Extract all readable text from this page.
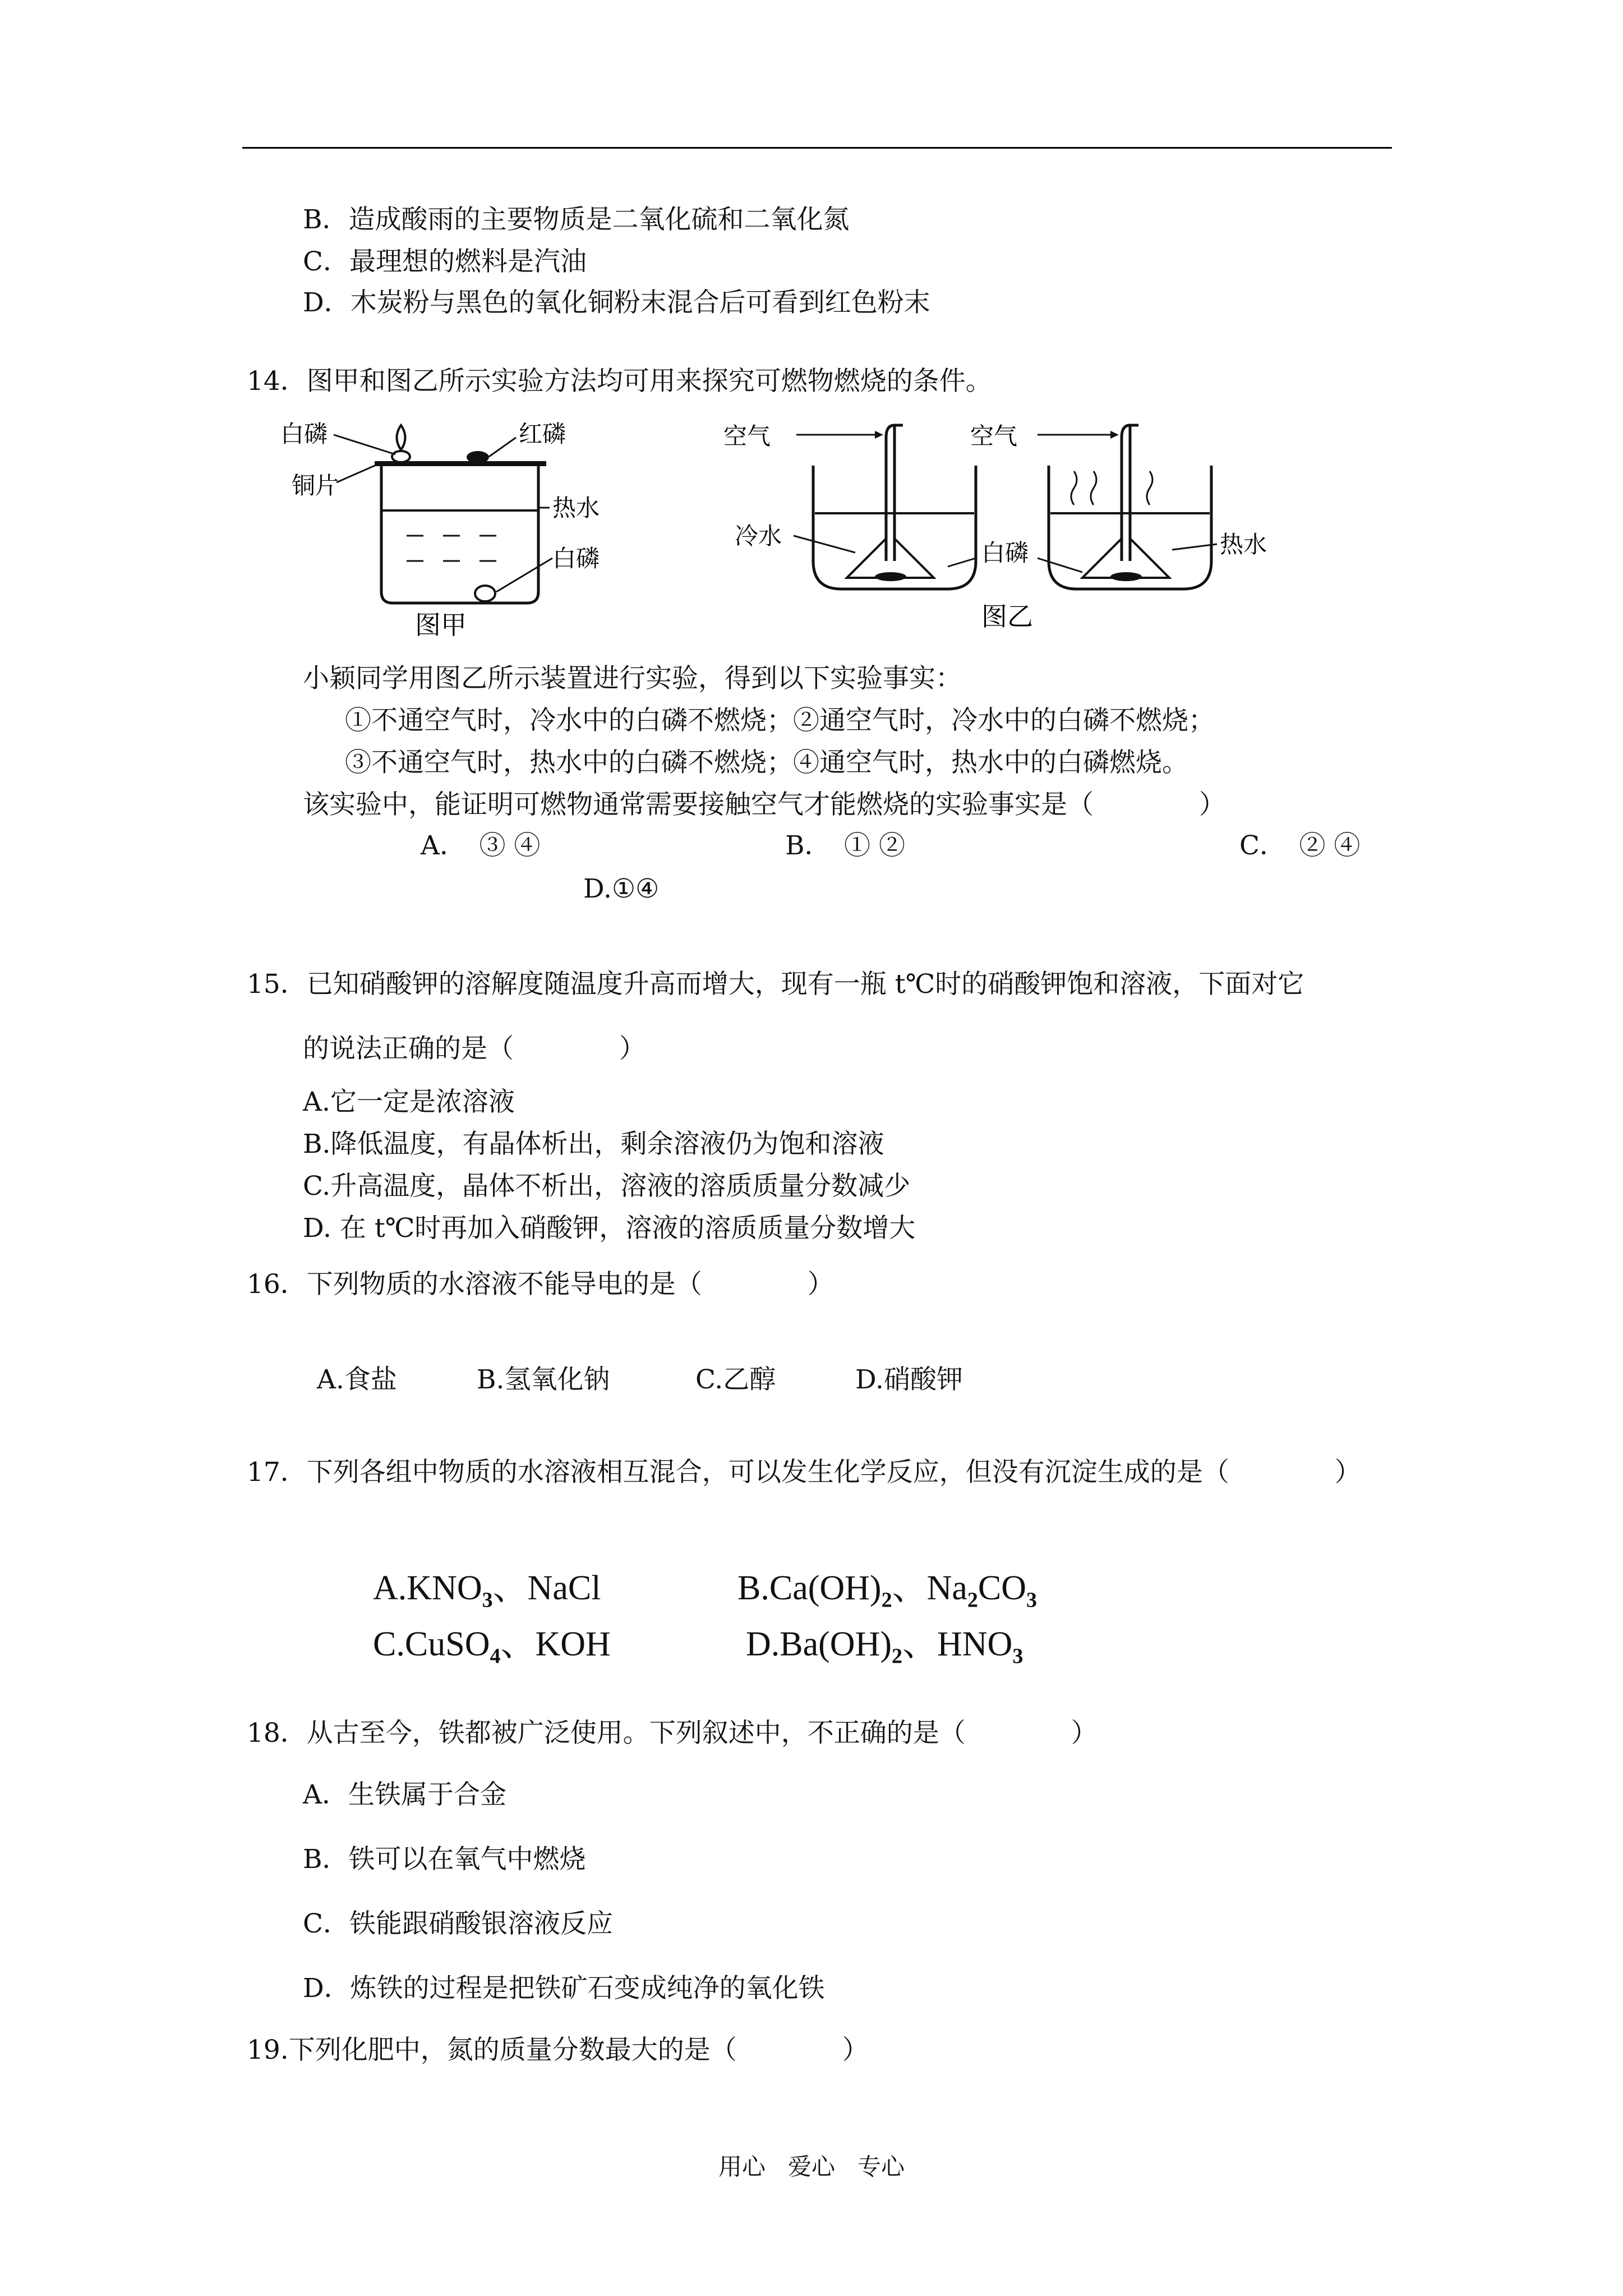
B．造成酸雨的主要物质是二氧化硫和二氧化氮
C．最理想的燃料是汽油
D．木炭粉与黑色的氧化铜粉末混合后可看到红色粉末
14．图甲和图乙所示实验方法均可用来探究可燃物燃烧的条件。
白磷	红磷
铜片
热水
白磷
图甲
空气	空气
冷水
白磷	热水
图乙
小颖同学用图乙所示装置进行实验，得到以下实验事实：
①不通空气时，冷水中的白磷不燃烧；②通空气时，冷水中的白磷不燃烧；
③不通空气时，热水中的白磷不燃烧；④通空气时，热水中的白磷燃烧。
该实验中，能证明可燃物通常需要接触空气才能燃烧的实验事实是（　　　　）
A．　③ ④	B．　① ②	C．　② ④
D.①④
15．已知硝酸钾的溶解度随温度升高而增大，现有一瓶 t℃时的硝酸钾饱和溶液，下面对它
的说法正确的是（　　　　）
A.它一定是浓溶液
B.降低温度，有晶体析出，剩余溶液仍为饱和溶液
C.升高温度，晶体不析出，溶液的溶质质量分数减少
D. 在 t℃时再加入硝酸钾，溶液的溶质质量分数增大
16．下列物质的水溶液不能导电的是（　　　　）
A.食盐	B.氢氧化钠	C.乙醇	D.硝酸钾
17．下列各组中物质的水溶液相互混合，可以发生化学反应，但没有沉淀生成的是（　　　　）
$A.KNO_3$、NaCl	$B.Ca(OH)_2$、$Na_2CO_3$
C.CuSO$_4$、KOH	$D.Ba(OH)_2$、$HNO_3$
18．从古至今，铁都被广泛使用。下列叙述中，不正确的是（　　　　）
A．生铁属于合金
B．铁可以在氧气中燃烧
C．铁能跟硝酸银溶液反应
D．炼铁的过程是把铁矿石变成纯净的氧化铁
19.下列化肥中，氮的质量分数最大的是（　　　　）
用心 爱心 专心
